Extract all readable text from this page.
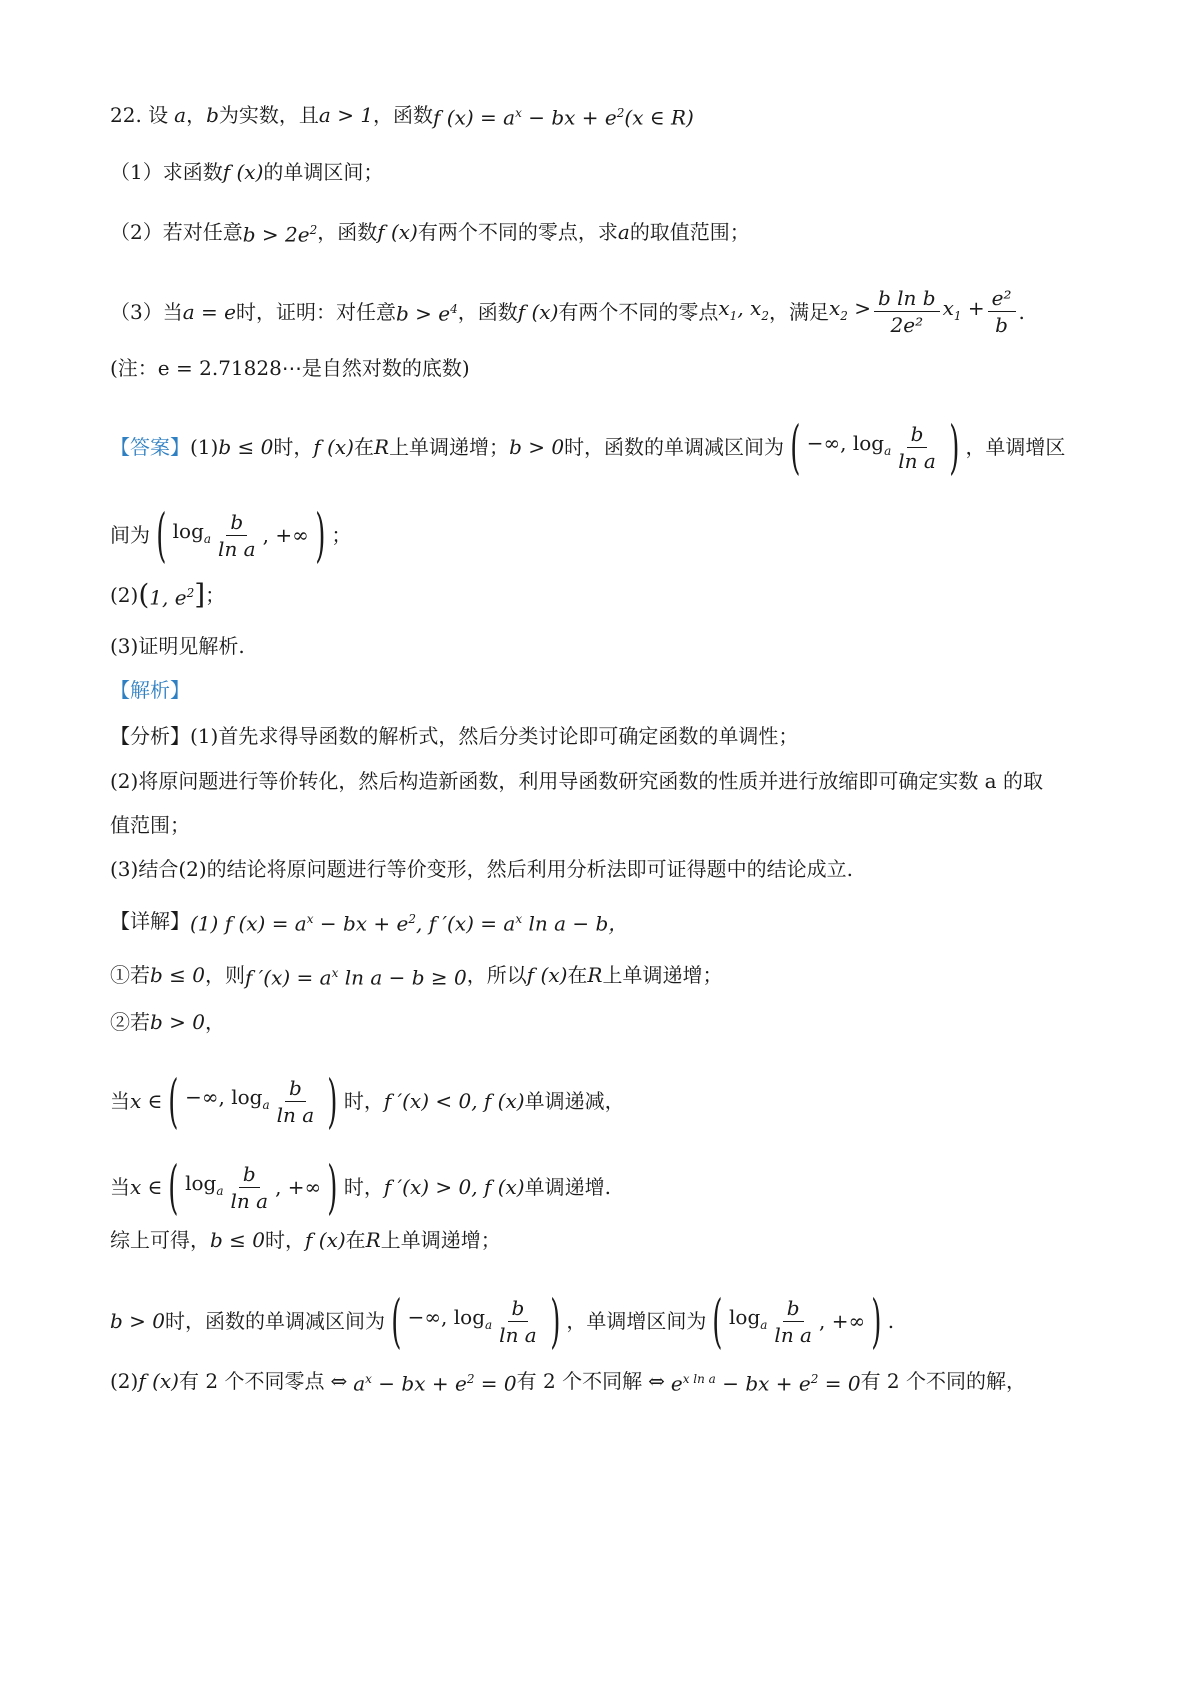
22. 设 a ， b 为实数，且 a > 1 ，函数 f $(x) = a^x$ − bx + $e^2(x$ ∈ R)
（1）求函数 f (x) 的单调区间；
（2）若对任意 $b > 2e^2$ ，函数 f (x) 有两个不同的零点，求 a 的取值范围；
（3）当 a = e 时，证明：对任意 $b > e^4$ ，函数 f (x) 有两个不同的零点 $x_1$, $x_2$ ，满足 $x_2 > \frac{\text{b ln b}}{\text{2e²}} x_1 + \frac{\text{e²}}{b}$ .
(注：e = 2.71828⋯是自然对数的底数)
【答案】 (1) b ≤ 0 时， f (x) 在 R 上单调递增； b > 0 时，函数的单调减区间为 ( −∞, $\log_a \frac{b}{\text{ln a}}$ ) ，单调增区
间为 ( $\log_a \frac{b}{\text{ln a}}$ , +∞ ) ；
(2) ( 1, $e^2$ ] ；
(3)证明见解析.
【解析】
【分析】 (1)首先求得导函数的解析式，然后分类讨论即可确定函数的单调性；
(2)将原问题进行等价转化，然后构造新函数，利用导函数研究函数的性质并进行放缩即可确定实数 a 的取
值范围；
(3)结合(2)的结论将原问题进行等价变形，然后利用分析法即可证得题中的结论成立.
【详解】 (1) f $(x) = a^x$ − bx + $e^2$, f $'(x) = a^x$ ln a − b，
①若 b ≤ 0 ，则 f $'(x) = a^x$ ln a − b ≥ 0 ，所以 f (x) 在 R 上单调递增；
②若 b > 0 ，
当 x ∈ ( −∞, $\log_a \frac{b}{\text{ln a}}$ ) 时， f ′(x) < 0, f (x) 单调递减，
当 x ∈ ( $\log_a \frac{b}{\text{ln a}}$ , +∞ ) 时， f ′(x) > 0, f (x) 单调递增.
综上可得， b ≤ 0 时， f (x) 在 R 上单调递增；
b > 0 时，函数的单调减区间为 ( −∞, $\log_a \frac{b}{\text{ln a}}$ ) ，单调增区间为 ( $\log_a \frac{b}{\text{ln a}}$ , +∞ ) .
(2) f (x) 有 2 个不同零点 ⇔ $a^x$ − bx + $e^2 = 0$ 有 2 个不同解 ⇔ $e^{x ln a}$ − bx + $e^2 = 0$ 有 2 个不同的解，
